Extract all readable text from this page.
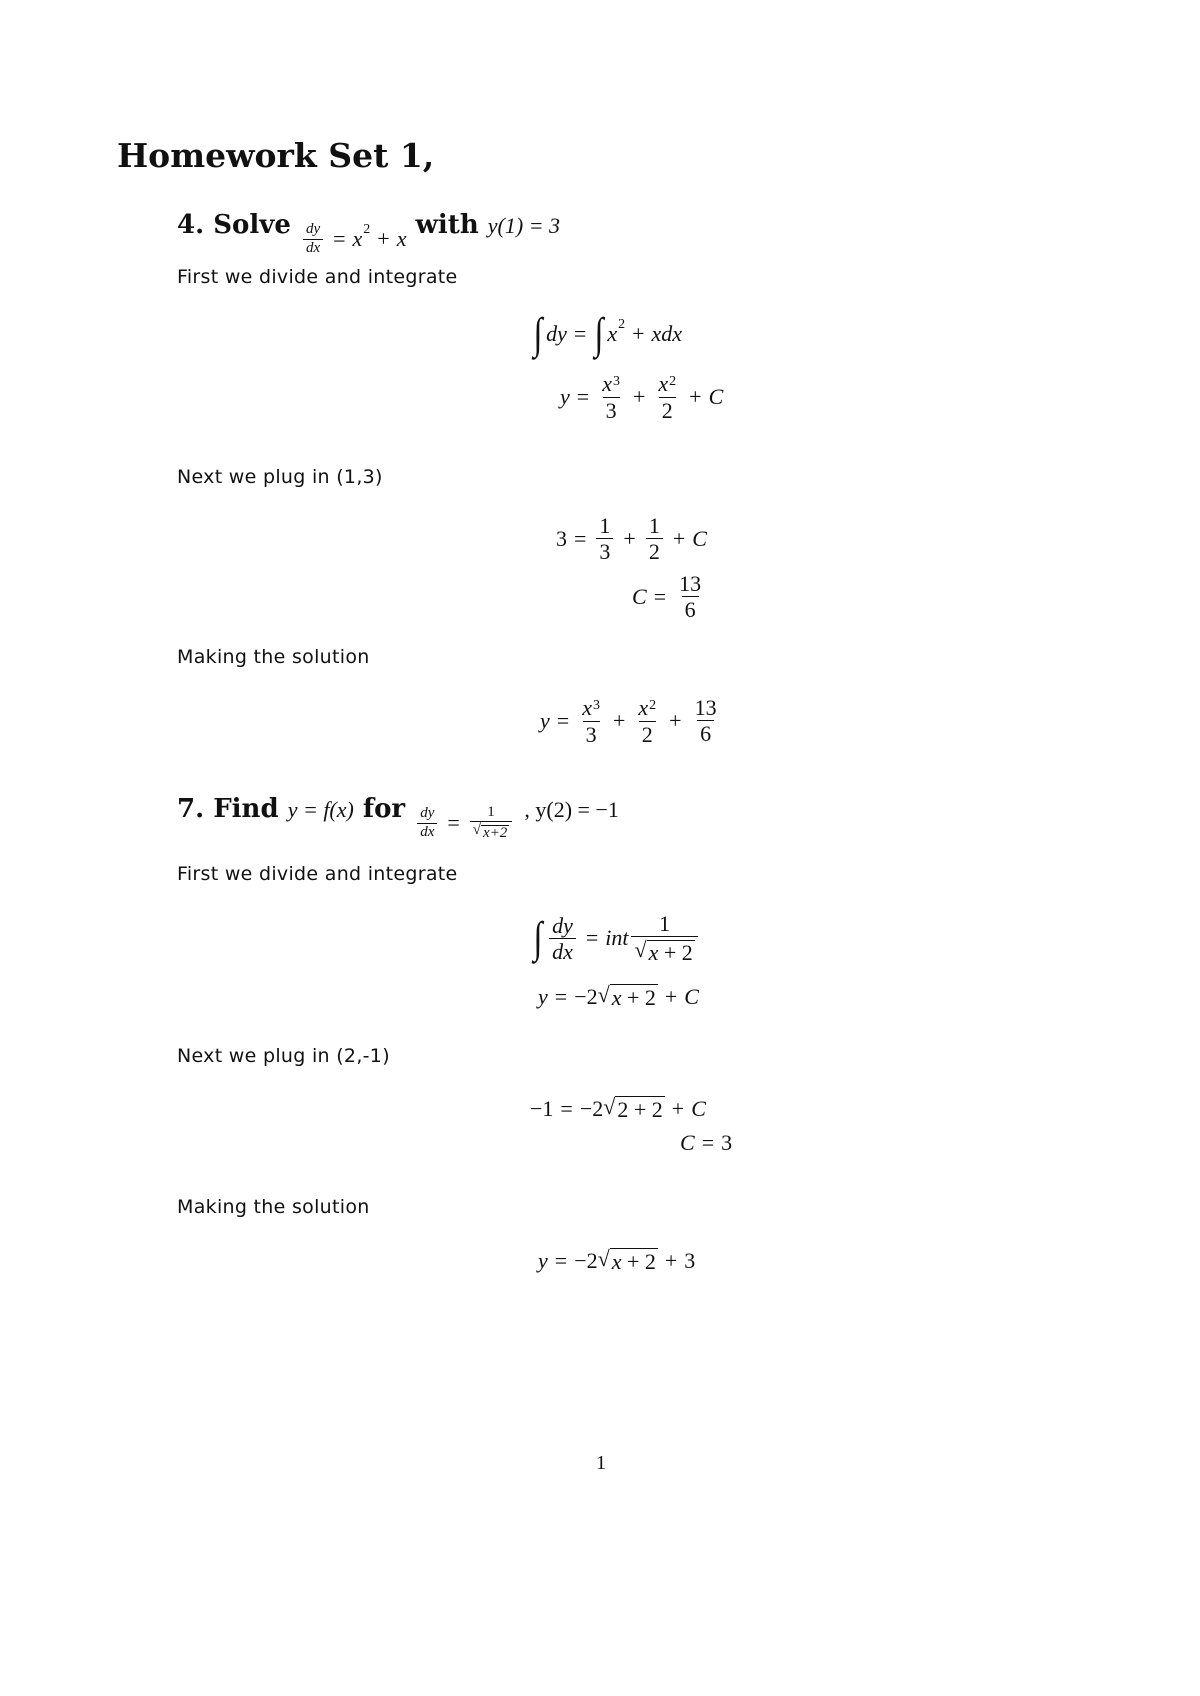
Homework Set 1,
4. Solve $\frac{dy}{dx} = x$ 2 + x with y(1) = 3
First we divide and integrate
∫ dy = ∫ x 2 + xdx
$y = \frac{x^3}{3} + \frac{x^2}{2} + C$
Next we plug in (1,3)
$3 = \frac{1}{3} + \frac{1}{2} + C$
$C = \frac{13}{6}$
Making the solution
$y = \frac{x^3}{3} + \frac{x^2}{2} + \frac{13}{6}$
7. Find y = f(x) for $\frac{dy}{dx} = \frac{1}{√ x+2}$ , y(2) = −1
First we divide and integrate
∫ $\frac{dy}{dx}$ = int $\frac{1}{√ x + 2}$
y = −2 √ x + 2 + C
Next we plug in (2,-1)
−1 = −2 √ 2 + 2 + C
C = 3
Making the solution
y = −2 √ x + 2 + 3
1
